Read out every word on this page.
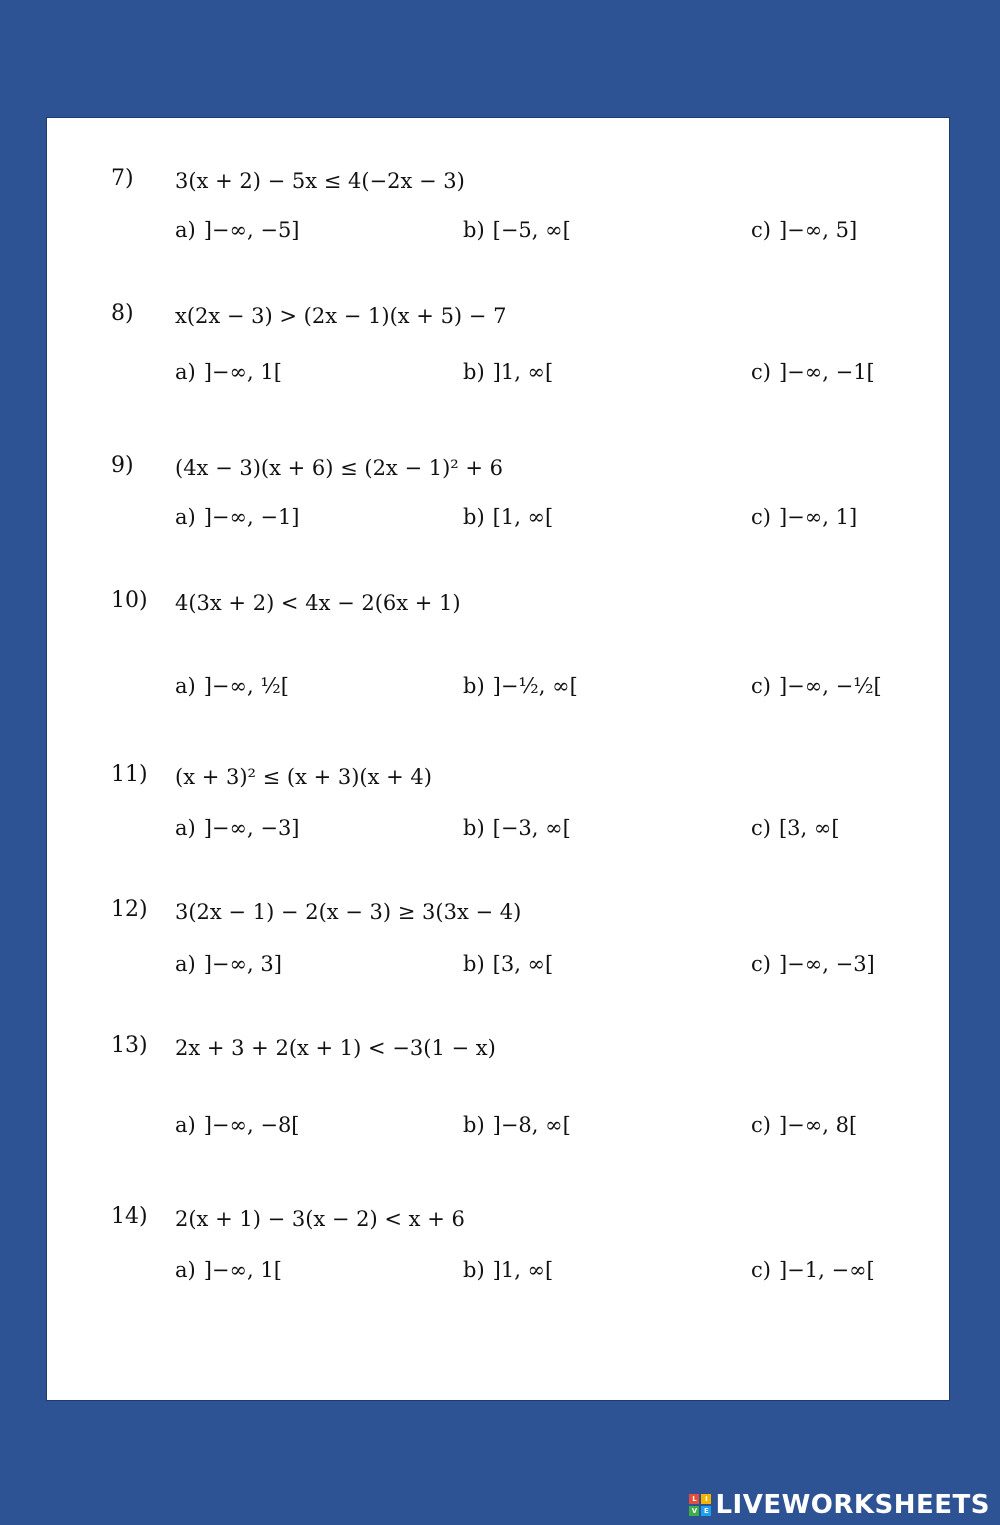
7) 3(x + 2) − 5x ≤ 4(−2x − 3)
a) ]−∞, −5]	b) [−5, ∞[	c) ]−∞, 5]
8) x(2x − 3) > (2x − 1)(x + 5) − 7
a) ]−∞, 1[	b) ]1, ∞[	c) ]−∞, −1[
9) (4x − 3)(x + 6) ≤ (2x − 1)² + 6
a) ]−∞, −1]	b) [1, ∞[	c) ]−∞, 1]
10) 4(3x + 2) < 4x − 2(6x + 1)
a) ]−∞, ½[	b) ]−½, ∞[	c) ]−∞, −½[
11) (x + 3)² ≤ (x + 3)(x + 4)
a) ]−∞, −3]	b) [−3, ∞[	c) [3, ∞[
12) 3(2x − 1) − 2(x − 3) ≥ 3(3x − 4)
a) ]−∞, 3]	b) [3, ∞[	c) ]−∞, −3]
13) 2x + 3 + 2(x + 1) < −3(1 − x)
a) ]−∞, −8[	b) ]−8, ∞[	c) ]−∞, 8[
14) 2(x + 1) − 3(x − 2) < x + 6
a) ]−∞, 1[	b) ]1, ∞[	c) ]−1, −∞[
L	I
V E LIVEWORKSHEETS
